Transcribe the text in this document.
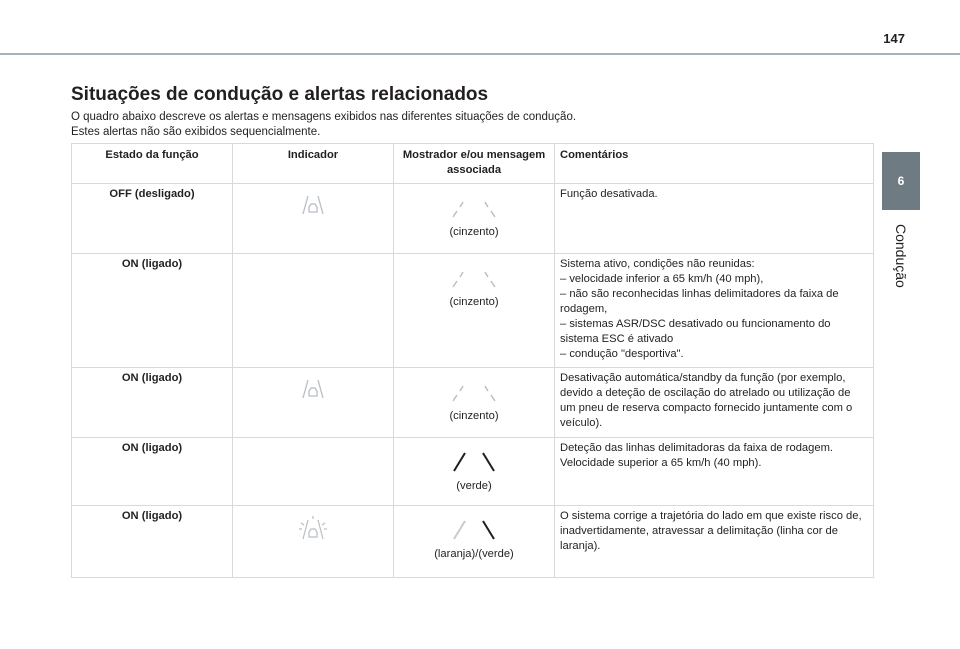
147
6
Condução
Situações de condução e alertas relacionados
O quadro abaixo descreve os alertas e mensagens exibidos nas diferentes situações de condução.
Estes alertas não são exibidos sequencialmente.
Estado da função	Indicador	Mostrador e/ou mensagem associada	Comentários
OFF (desligado)		(cinzento)	Função desativada.

ON (ligado)		(cinzento)	Sistema ativo, condições não reunidas:
– velocidade inferior a 65 km/h (40 mph),
– não são reconhecidas linhas delimitadores da faixa de rodagem,
– sistemas ASR/DSC desativado ou funcionamento do sistema ESC é ativado
– condução "desportiva".

ON (ligado)		(cinzento)	Desativação automática/standby da função (por exemplo, devido a deteção de oscilação do atrelado ou utilização de um pneu de reserva compacto fornecido juntamente com o veículo).

ON (ligado)		(verde)	Deteção das linhas delimitadoras da faixa de rodagem.
Velocidade superior a 65 km/h (40 mph).

ON (ligado)		(laranja)/(verde)	O sistema corrige a trajetória do lado em que existe risco de, inadvertidamente, atravessar a delimitação (linha cor de laranja).
